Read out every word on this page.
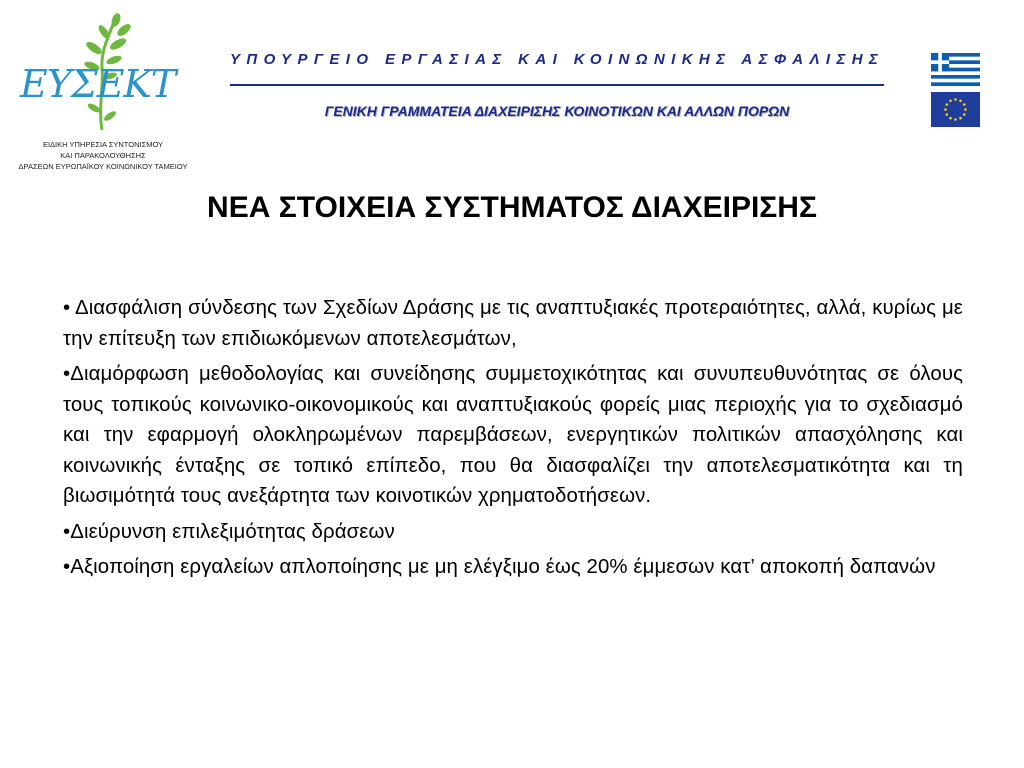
ΕΥΣΕΚΤ
ΕΙΔΙΚΗ ΥΠΗΡΕΣΙΑ ΣΥΝΤΟΝΙΣΜΟΥ
ΚΑΙ ΠΑΡΑΚΟΛΟΥΘΗΣΗΣ
ΔΡΑΣΕΩΝ ΕΥΡΩΠΑΪΚΟΥ ΚΟΙΝΩΝΙΚΟΥ ΤΑΜΕΙΟΥ
ΥΠΟΥΡΓΕΙΟ ΕΡΓΑΣΙΑΣ ΚΑΙ ΚΟΙΝΩΝΙΚΗΣ ΑΣΦΑΛΙΣΗΣ
ΓΕΝΙΚΗ ΓΡΑΜΜΑΤΕΙΑ ΔΙΑΧΕΙΡΙΣΗΣ ΚΟΙΝΟΤΙΚΩΝ ΚΑΙ ΑΛΛΩΝ ΠΟΡΩΝ
ΝΕΑ ΣΤΟΙΧΕΙΑ ΣΥΣΤΗΜΑΤΟΣ ΔΙΑΧΕΙΡΙΣΗΣ

• Διασφάλιση σύνδεσης των Σχεδίων Δράσης με τις αναπτυξιακές προτεραιότητες, αλλά, κυρίως με την επίτευξη των επιδιωκόμενων αποτελεσμάτων,

•Διαμόρφωση μεθοδολογίας και συνείδησης συμμετοχικότητας και συνυπευθυνότητας σε όλους τους τοπικούς κοινωνικο-οικονομικούς και αναπτυξιακούς φορείς μιας περιοχής για το σχεδιασμό και την εφαρμογή ολοκληρωμένων παρεμβάσεων, ενεργητικών πολιτικών απασχόλησης και κοινωνικής ένταξης σε τοπικό επίπεδο, που θα διασφαλίζει την αποτελεσματικότητα και τη βιωσιμότητά τους ανεξάρτητα των κοινοτικών χρηματοδοτήσεων.

•Διεύρυνση επιλεξιμότητας δράσεων

•Αξιοποίηση εργαλείων απλοποίησης με μη ελέγξιμο έως 20% έμμεσων κατ’ αποκοπή δαπανών
